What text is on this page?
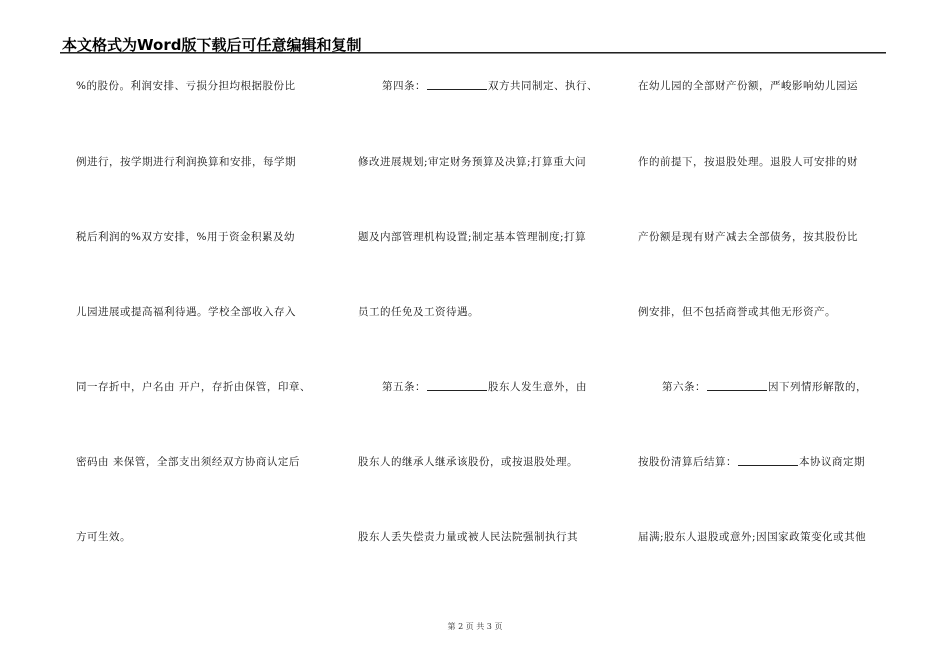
本文格式为Word版下载后可任意编辑和复制
%的股份。利润安排、亏损分担均根据股份比
例进行，按学期进行利润换算和安排，每学期
税后利润的%双方安排，%用于资金积累及幼
儿园进展或提高福利待遇。学校全部收入存入
同一存折中，户名由 开户，存折由保管，印章、
密码由 来保管，全部支出须经双方协商认定后
方可生效。
第四条：	双方共同制定、执行、
修改进展规划;审定财务预算及决算;打算重大问
题及内部管理机构设置;制定基本管理制度;打算
员工的任免及工资待遇。
第五条：	股东人发生意外，由
股东人的继承人继承该股份，或按退股处理。
股东人丢失偿责力量或被人民法院强制执行其
在幼儿园的全部财产份额，严峻影响幼儿园运
作的前提下，按退股处理。退股人可安排的财
产份额是现有财产减去全部债务，按其股份比
例安排，但不包括商誉或其他无形资产。
第六条：	因下列情形解散的，
按股份清算后结算：	本协议商定期
届满;股东人退股或意外;因国家政策变化或其他
第 2 页 共 3 页
